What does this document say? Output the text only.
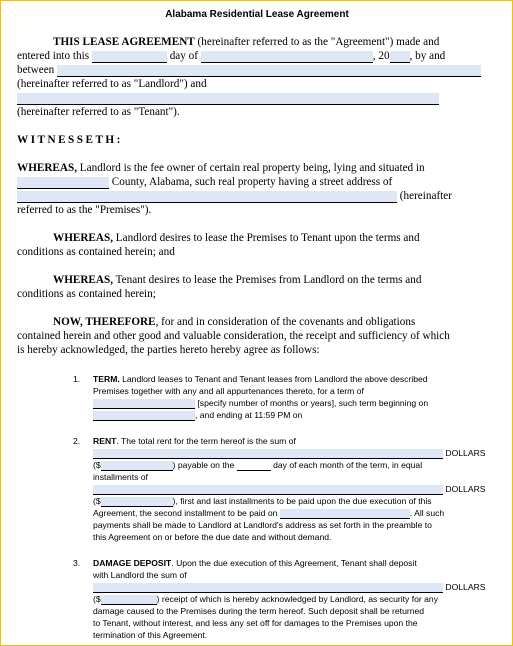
Alabama Residential Lease Agreement

THIS LEASE AGREEMENT (hereinafter referred to as the "Agreement") made and

entered into this	day of	, 20 , by and

between

(hereinafter referred to as "Landlord") and

(hereinafter referred to as "Tenant").

WITNESSETH:

WHEREAS, Landlord is the fee owner of certain real property being, lying and situated in

County, Alabama, such real property having a street address of

(hereinafter

referred to as the "Premises").

WHEREAS, Landlord desires to lease the Premises to Tenant upon the terms and

conditions as contained herein; and

WHEREAS, Tenant desires to lease the Premises from Landlord on the terms and

conditions as contained herein;

NOW, THEREFORE, for and in consideration of the covenants and obligations

contained herein and other good and valuable consideration, the receipt and sufficiency of which

is hereby acknowledged, the parties hereto hereby agree as follows:

1. TERM. Landlord leases to Tenant and Tenant leases from Landlord the above described

Premises together with any and all appurtenances thereto, for a term of

[specify number of months or years], such term beginning on

, and ending at 11:59 PM on

2. RENT. The total rent for the term hereof is the sum of

DOLLARS

($	) payable on the	day of each month of the term, in equal

installments of

DOLLARS

($	), first and last installments to be paid upon the due execution of this

Agreement, the second installment to be paid on	. All such

payments shall be made to Landlord at Landlord's address as set forth in the preamble to

this Agreement on or before the due date and without demand.

3. DAMAGE DEPOSIT. Upon the due execution of this Agreement, Tenant shall deposit

with Landlord the sum of

DOLLARS

($	) receipt of which is hereby acknowledged by Landlord, as security for any

damage caused to the Premises during the term hereof. Such deposit shall be returned

to Tenant, without interest, and less any set off for damages to the Premises upon the

termination of this Agreement.
